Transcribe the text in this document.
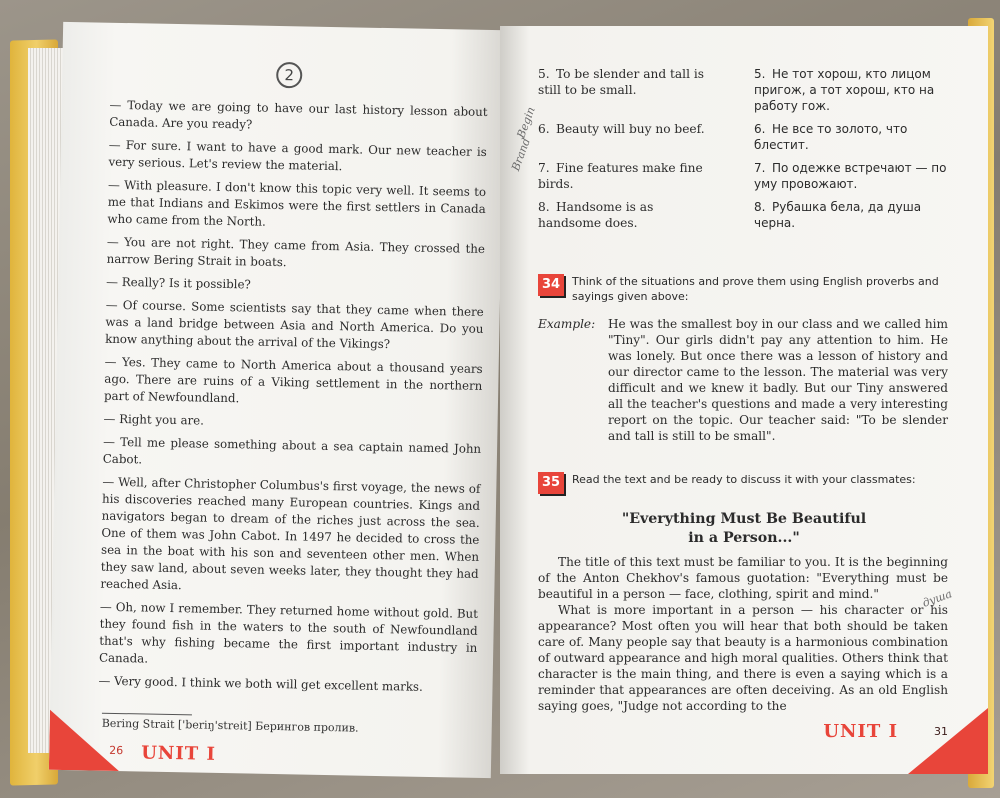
2

— Today we are going to have our last history lesson about Canada. Are you ready?

— For sure. I want to have a good mark. Our new teacher is very serious. Let's review the material.

— With pleasure. I don't know this topic very well. It seems to me that Indians and Eskimos were the first settlers in Canada who came from the North.

— You are not right. They came from Asia. They crossed the narrow Bering Strait in boats.

— Really? Is it possible?

— Of course. Some scientists say that they came when there was a land bridge between Asia and North America. Do you know anything about the arrival of the Vikings?

— Yes. They came to North America about a thousand years ago. There are ruins of a Viking settlement in the northern part of Newfoundland.

— Right you are.

— Tell me please something about a sea captain named John Cabot.

— Well, after Christopher Columbus's first voyage, the news of his discoveries reached many European countries. Kings and navigators began to dream of the riches just across the sea. One of them was John Cabot. In 1497 he decided to cross the sea in the boat with his son and seventeen other men. When they saw land, about seven weeks later, they thought they had reached Asia.

— Oh, now I remember. They returned home without gold. But they found fish in the waters to the south of Newfoundland that's why fishing became the first important industry in Canada.

— Very good. I think we both will get excellent marks.

Bering Strait ['beriŋ'streit] Берингов пролив.
26 UNIT I
5. To be slender and tall is still to be small.
5. Не тот хорош, кто лицом пригож, а тот хорош, кто на работу гож.
6. Beauty will buy no beef.	6. Не все то золото, что блестит.
7. Fine features make fine birds.
7. По одежке встречают — по уму провожают.
8. Handsome is as handsome does.
8. Рубашка бела, да душа черна.
34	Think of the situations and prove them using English proverbs and sayings given above:
Example:	He was the smallest boy in our class and we called him "Tiny". Our girls didn't pay any attention to him. He was lonely. But once there was a lesson of history and our director came to the lesson. The material was very difficult and we knew it badly. But our Tiny answered all the teacher's questions and made a very interesting report on the topic. Our teacher said: "To be slender and tall is still to be small".
35	Read the text and be ready to discuss it with your classmates:
"Everything Must Be Beautiful
in a Person..."

The title of this text must be familiar to you. It is the beginning of the Anton Chekhov's famous guotation: "Everything must be beautiful in a person — face, clothing, spirit and mind."

What is more important in a person — his character or his appearance? Most often you will hear that both should be taken care of. Many people say that beauty is a harmonious combination of outward appearance and high moral qualities. Others think that character is the main thing, and there is even a saying which is a reminder that appearances are often deceiving. As an old English saying goes, "Judge not according to the

Begin
Brand
душа
UNIT I	31
